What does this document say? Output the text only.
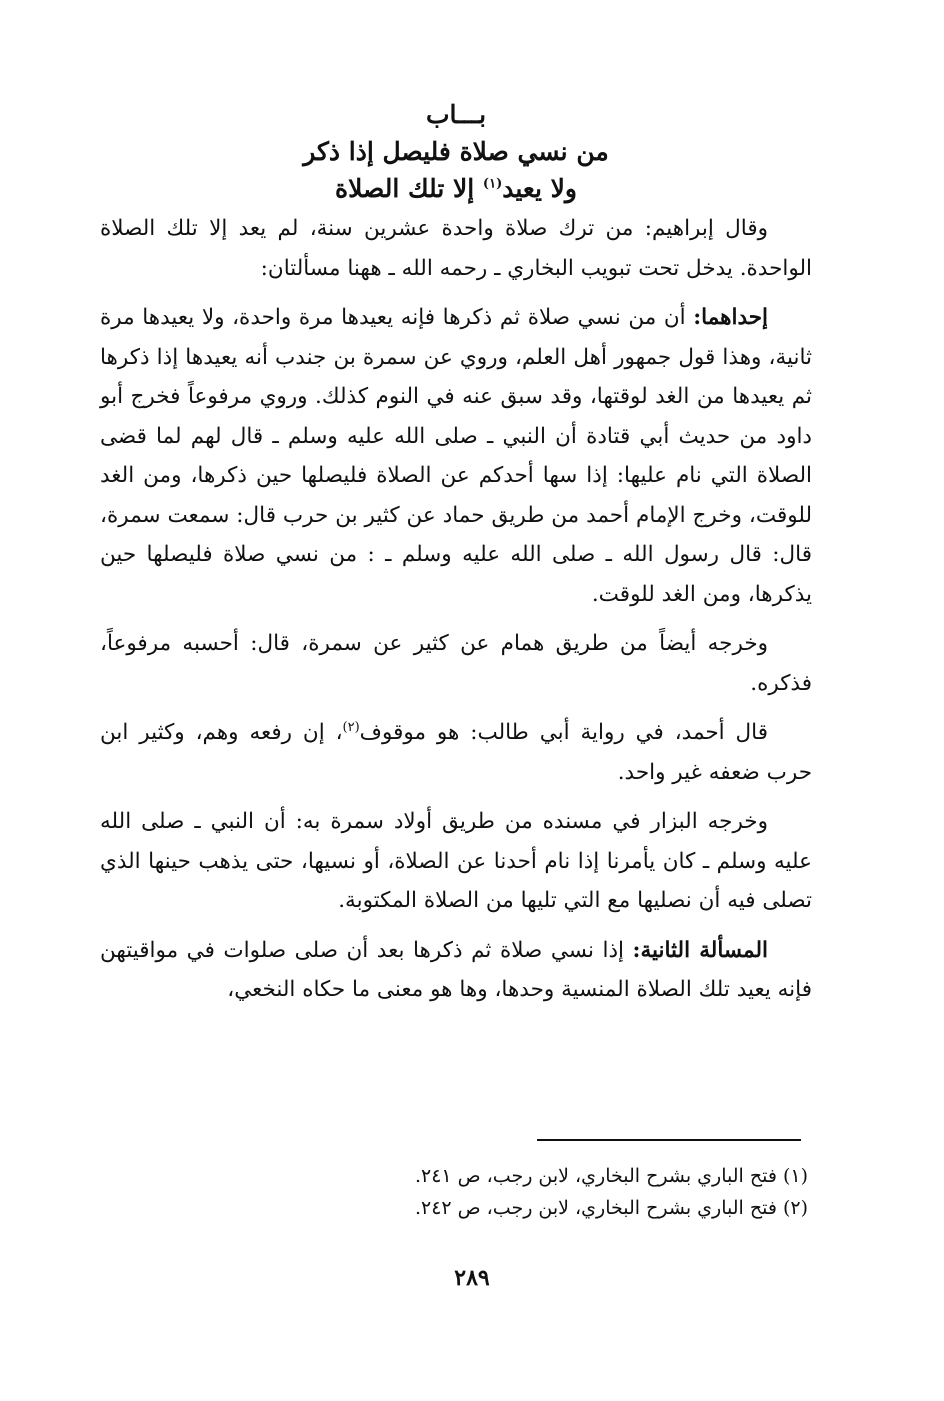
بـــاب

من نسي صلاة فليصل إذا ذكر

ولا يعيد$^{(١)}$ إلا تلك الصلاة

وقال إبراهيم: من ترك صلاة واحدة عشرين سنة، لم يعد إلا تلك الصلاة الواحدة. يدخل تحت تبويب البخاري ـ رحمه الله ـ ههنا مسألتان:

إحداهما: أن من نسي صلاة ثم ذكرها فإنه يعيدها مرة واحدة، ولا يعيدها مرة ثانية، وهذا قول جمهور أهل العلم، وروي عن سمرة بن جندب أنه يعيدها إذا ذكرها ثم يعيدها من الغد لوقتها، وقد سبق عنه في النوم كذلك. وروي مرفوعاً فخرج أبو داود من حديث أبي قتادة أن النبي ـ صلى الله عليه وسلم ـ قال لهم لما قضى الصلاة التي نام عليها: إذا سها أحدكم عن الصلاة فليصلها حين ذكرها، ومن الغد للوقت، وخرج الإمام أحمد من طريق حماد عن كثير بن حرب قال: سمعت سمرة، قال: قال رسول الله ـ صلى الله عليه وسلم ـ : من نسي صلاة فليصلها حين يذكرها، ومن الغد للوقت.

وخرجه أيضاً من طريق همام عن كثير عن سمرة، قال: أحسبه مرفوعاً، فذكره.

قال أحمد، في رواية أبي طالب: هو موقوف$^{(٢)}$، إن رفعه وهم، وكثير ابن حرب ضعفه غير واحد.

وخرجه البزار في مسنده من طريق أولاد سمرة به: أن النبي ـ صلى الله عليه وسلم ـ كان يأمرنا إذا نام أحدنا عن الصلاة، أو نسيها، حتى يذهب حينها الذي تصلى فيه أن نصليها مع التي تليها من الصلاة المكتوبة.

المسألة الثانية: إذا نسي صلاة ثم ذكرها بعد أن صلى صلوات في مواقيتهن فإنه يعيد تلك الصلاة المنسية وحدها، وها هو معنى ما حكاه النخعي،

(١) فتح الباري بشرح البخاري، لابن رجب، ص ٢٤١.

(٢) فتح الباري بشرح البخاري، لابن رجب، ص ٢٤٢.

٢٨٩
